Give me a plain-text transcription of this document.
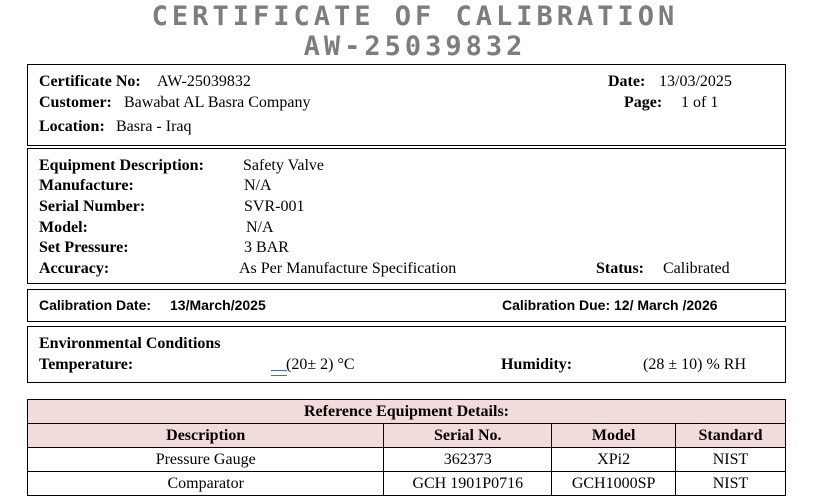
CERTIFICATE OF CALIBRATION
AW-25039832
Certificate No: AW-25039832
Customer: Bawabat AL Basra Company
Location: Basra - Iraq
Date: 13/03/2025
Page: 1 of 1
Equipment Description: Safety Valve
Manufacture:	N/A
Serial Number:	SVR-001
Model:	N/A
Set Pressure:	3 BAR
Accuracy:	As Per Manufacture Specification	Status: Calibrated
Calibration Date: 13/March/2025	Calibration Due: 12/ March /2026
Environmental Conditions
Temperature:	(20± 2) °C	Humidity:	(28 ± 10) % RH
Reference Equipment Details:			
Description	Serial No.	Model	Standard
Pressure Gauge	362373	XPi2	NIST
Comparator	GCH 1901P0716	GCH1000SP	NIST
